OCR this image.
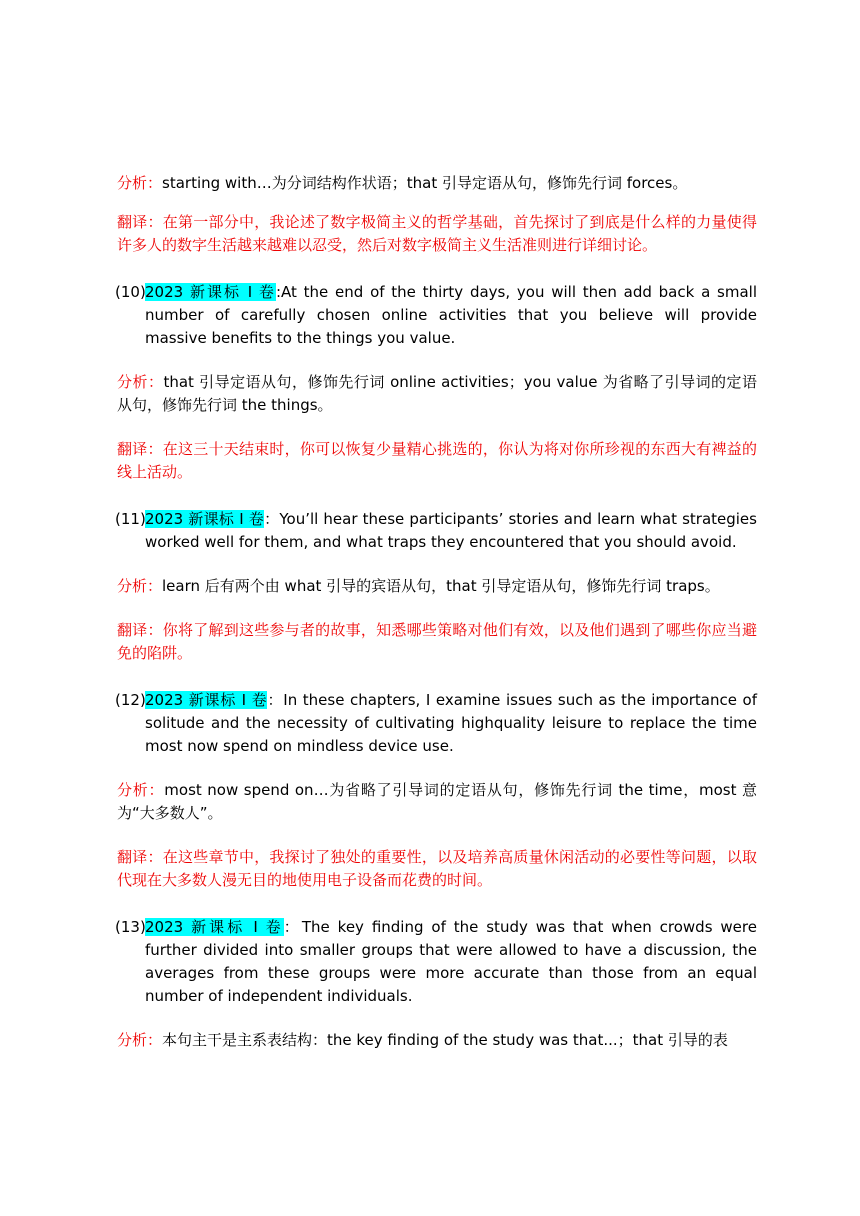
分析：starting with…为分词结构作状语；that 引导定语从句，修饰先行词 forces。

翻译：在第一部分中，我论述了数字极简主义的哲学基础，首先探讨了到底是什么样的力量使得许多人的数字生活越来越难以忍受，然后对数字极简主义生活准则进行详细讨论。

(10) 2023 新课标 I 卷:At the end of the thirty days, you will then add back a small number of carefully chosen online activities that you believe will provide massive benefits to the things you value.

分析：that 引导定语从句，修饰先行词 online activities；you value 为省略了引导词的定语从句，修饰先行词 the things。

翻译：在这三十天结束时，你可以恢复少量精心挑选的，你认为将对你所珍视的东西大有裨益的线上活动。

(11) 2023 新课标 I 卷：You’ll hear these participants’ stories and learn what strategies worked well for them, and what traps they encountered that you should avoid.

分析：learn 后有两个由 what 引导的宾语从句，that 引导定语从句，修饰先行词 traps。

翻译：你将了解到这些参与者的故事，知悉哪些策略对他们有效，以及他们遇到了哪些你应当避免的陷阱。

(12) 2023 新课标 I 卷：In these chapters, I examine issues such as the importance of solitude and the necessity of cultivating highquality leisure to replace the time most now spend on mindless device use.

分析：most now spend on…为省略了引导词的定语从句，修饰先行词 the time，most 意为“大多数人”。

翻译：在这些章节中，我探讨了独处的重要性，以及培养高质量休闲活动的必要性等问题，以取代现在大多数人漫无目的地使用电子设备而花费的时间。

(13) 2023 新课标 I 卷：The key finding of the study was that when crowds were further divided into smaller groups that were allowed to have a discussion, the averages from these groups were more accurate than those from an equal number of independent individuals.

分析：本句主干是主系表结构：the key finding of the study was that...；that 引导的表
